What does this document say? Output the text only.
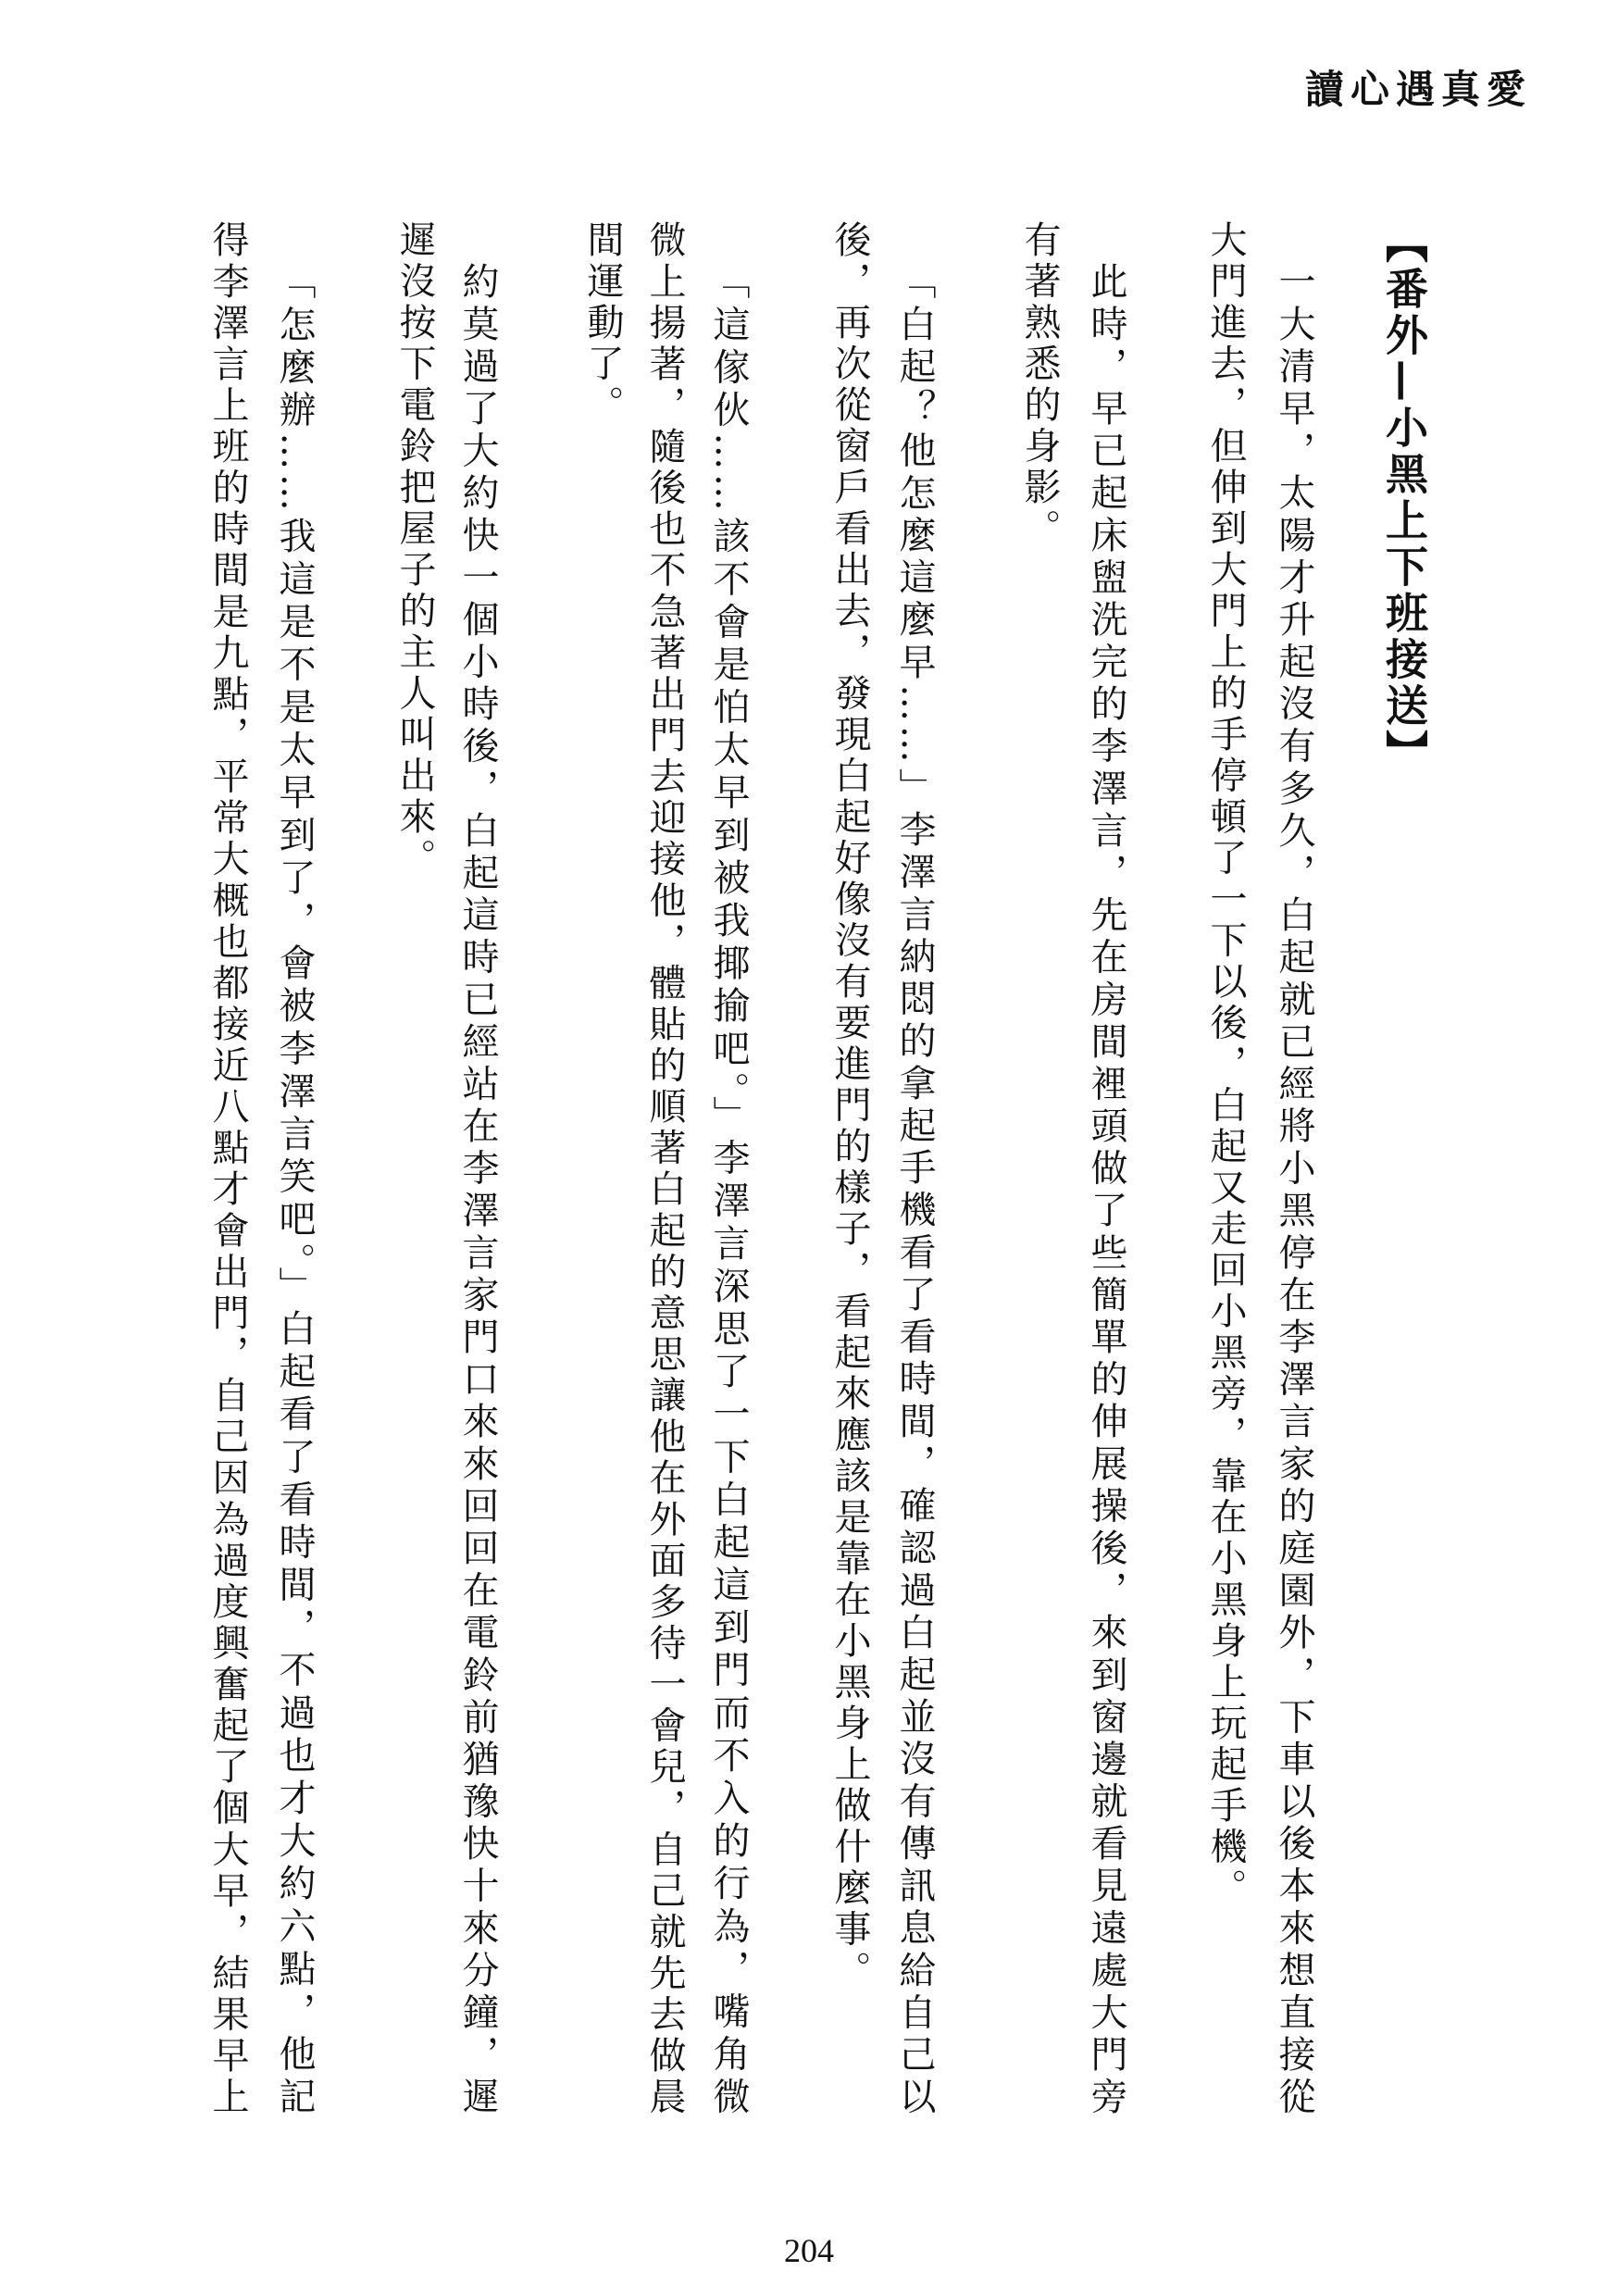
讀心遇真愛
【番外—小黑上下班接送】
一大清早，太陽才升起沒有多久，白起就已經將小黑停在李澤言家的庭園外，下車以後本來想直接從
大門進去，但伸到大門上的手停頓了一下以後，白起又走回小黑旁，靠在小黑身上玩起手機。
此時，早已起床盥洗完的李澤言，先在房間裡頭做了些簡單的伸展操後，來到窗邊就看見遠處大門旁
有著熟悉的身影。
「白起？他怎麼這麼早……」李澤言納悶的拿起手機看了看時間，確認過白起並沒有傳訊息給自己以
後，再次從窗戶看出去，發現白起好像沒有要進門的樣子，看起來應該是靠在小黑身上做什麼事。
「這傢伙……該不會是怕太早到被我揶揄吧。」李澤言深思了一下白起這到門而不入的行為，嘴角微
微上揚著，隨後也不急著出門去迎接他，體貼的順著白起的意思讓他在外面多待一會兒，自己就先去做晨
間運動了。
約莫過了大約快一個小時後，白起這時已經站在李澤言家門口來來回回在電鈴前猶豫快十來分鐘，遲
遲沒按下電鈴把屋子的主人叫出來。
「怎麼辦……我這是不是太早到了，會被李澤言笑吧。」白起看了看時間，不過也才大約六點，他記
得李澤言上班的時間是九點，平常大概也都接近八點才會出門，自己因為過度興奮起了個大早，結果早上
204
